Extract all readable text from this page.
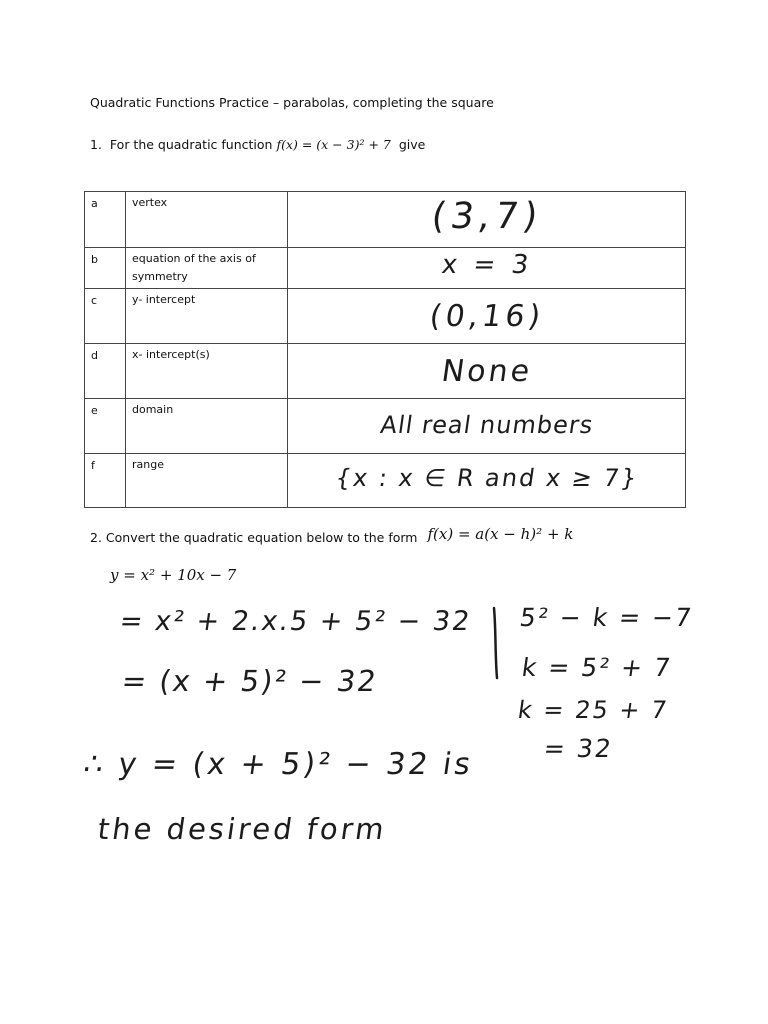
Quadratic Functions Practice – parabolas, completing the square
1. For the quadratic function f(x) = (x − 3)² + 7 give
a	vertex	(3,7)

b	equation of the axis of symmetry	x = 3

c	y- intercept	(0,16)

d	x- intercept(s)	None

e	domain	All real numbers

f	range	{x : x ∈ R and x ≥ 7}
2. Convert the quadratic equation below to the form f(x) = a(x − h)² + k
y = x² + 10x − 7
= x² + 2.x.5 + 5² − 32
= (x + 5)² − 32
5² − k = −7
k = 5² + 7
k = 25 + 7
= 32
∴ y = (x + 5)² − 32 is
the desired form
